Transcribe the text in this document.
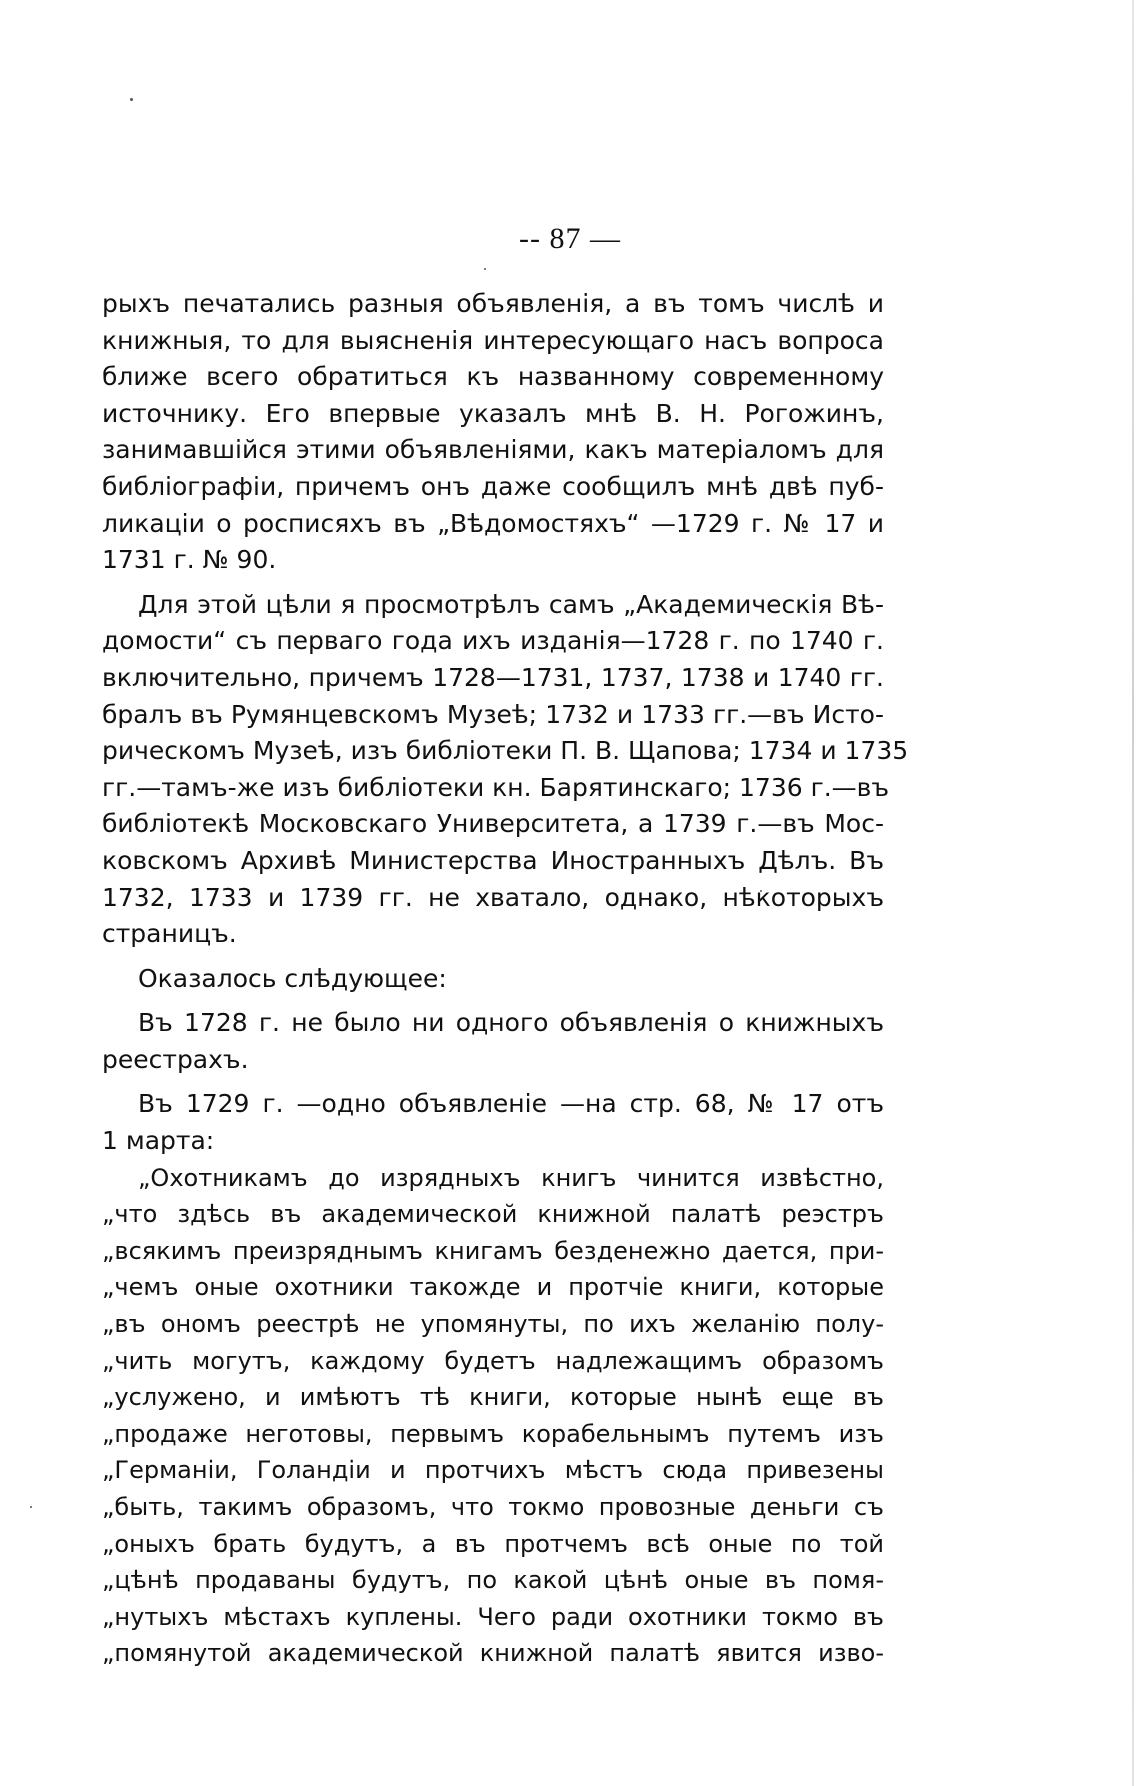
-- 87 —
рыхъ печатались разныя объявленія, а въ томъ числѣ и
книжныя, то для выясненія интересующаго насъ вопроса
ближе всего обратиться къ названному современному
источнику. Его впервые указалъ мнѣ В. Н. Рогожинъ,
занимавшійся этими объявленіями, какъ матеріаломъ для
библіографіи, причемъ онъ даже сообщилъ мнѣ двѣ пуб-
ликаціи о росписяхъ въ „Вѣдомостяхъ“ —1729 г. № 17 и
1731 г. № 90.
Для этой цѣли я просмотрѣлъ самъ „Академическія Вѣ-
домости“ съ перваго года ихъ изданія—1728 г. по 1740 г.
включительно, причемъ 1728—1731, 1737, 1738 и 1740 гг.
бралъ въ Румянцевскомъ Музеѣ; 1732 и 1733 гг.—въ Исто-
рическомъ Музеѣ, изъ библіотеки П. В. Щапова; 1734 и 1735
гг.—тамъ-же изъ библіотеки кн. Барятинскаго; 1736 г.—въ
библіотекѣ Московскаго Университета, а 1739 г.—въ Мос-
ковскомъ Архивѣ Министерства Иностранныхъ Дѣлъ. Въ
1732, 1733 и 1739 гг. не хватало, однако, нѣкоторыхъ
страницъ.
Оказалось слѣдующее:
Въ 1728 г. не было ни одного объявленія о книжныхъ
реестрахъ.
Въ 1729 г. —одно объявленіе —на стр. 68, № 17 отъ
1 марта:
„Охотникамъ до изрядныхъ книгъ чинится извѣстно,
„что здѣсь въ академической книжной палатѣ реэстръ
„всякимъ преизряднымъ книгамъ безденежно дается, при-
„чемъ оные охотники такожде и протчіе книги, которые
„въ ономъ реестрѣ не упомянуты, по ихъ желанію полу-
„чить могутъ, каждому будетъ надлежащимъ образомъ
„услужено, и имѣютъ тѣ книги, которые нынѣ еще въ
„продаже неготовы, первымъ корабельнымъ путемъ изъ
„Германіи, Голандіи и протчихъ мѣстъ сюда привезены
„быть, такимъ образомъ, что токмо провозные деньги съ
„оныхъ брать будутъ, а въ протчемъ всѣ оные по той
„цѣнѣ продаваны будутъ, по какой цѣнѣ оные въ помя-
„нутыхъ мѣстахъ куплены. Чего ради охотники токмо въ
„помянутой академической книжной палатѣ явится изво-
